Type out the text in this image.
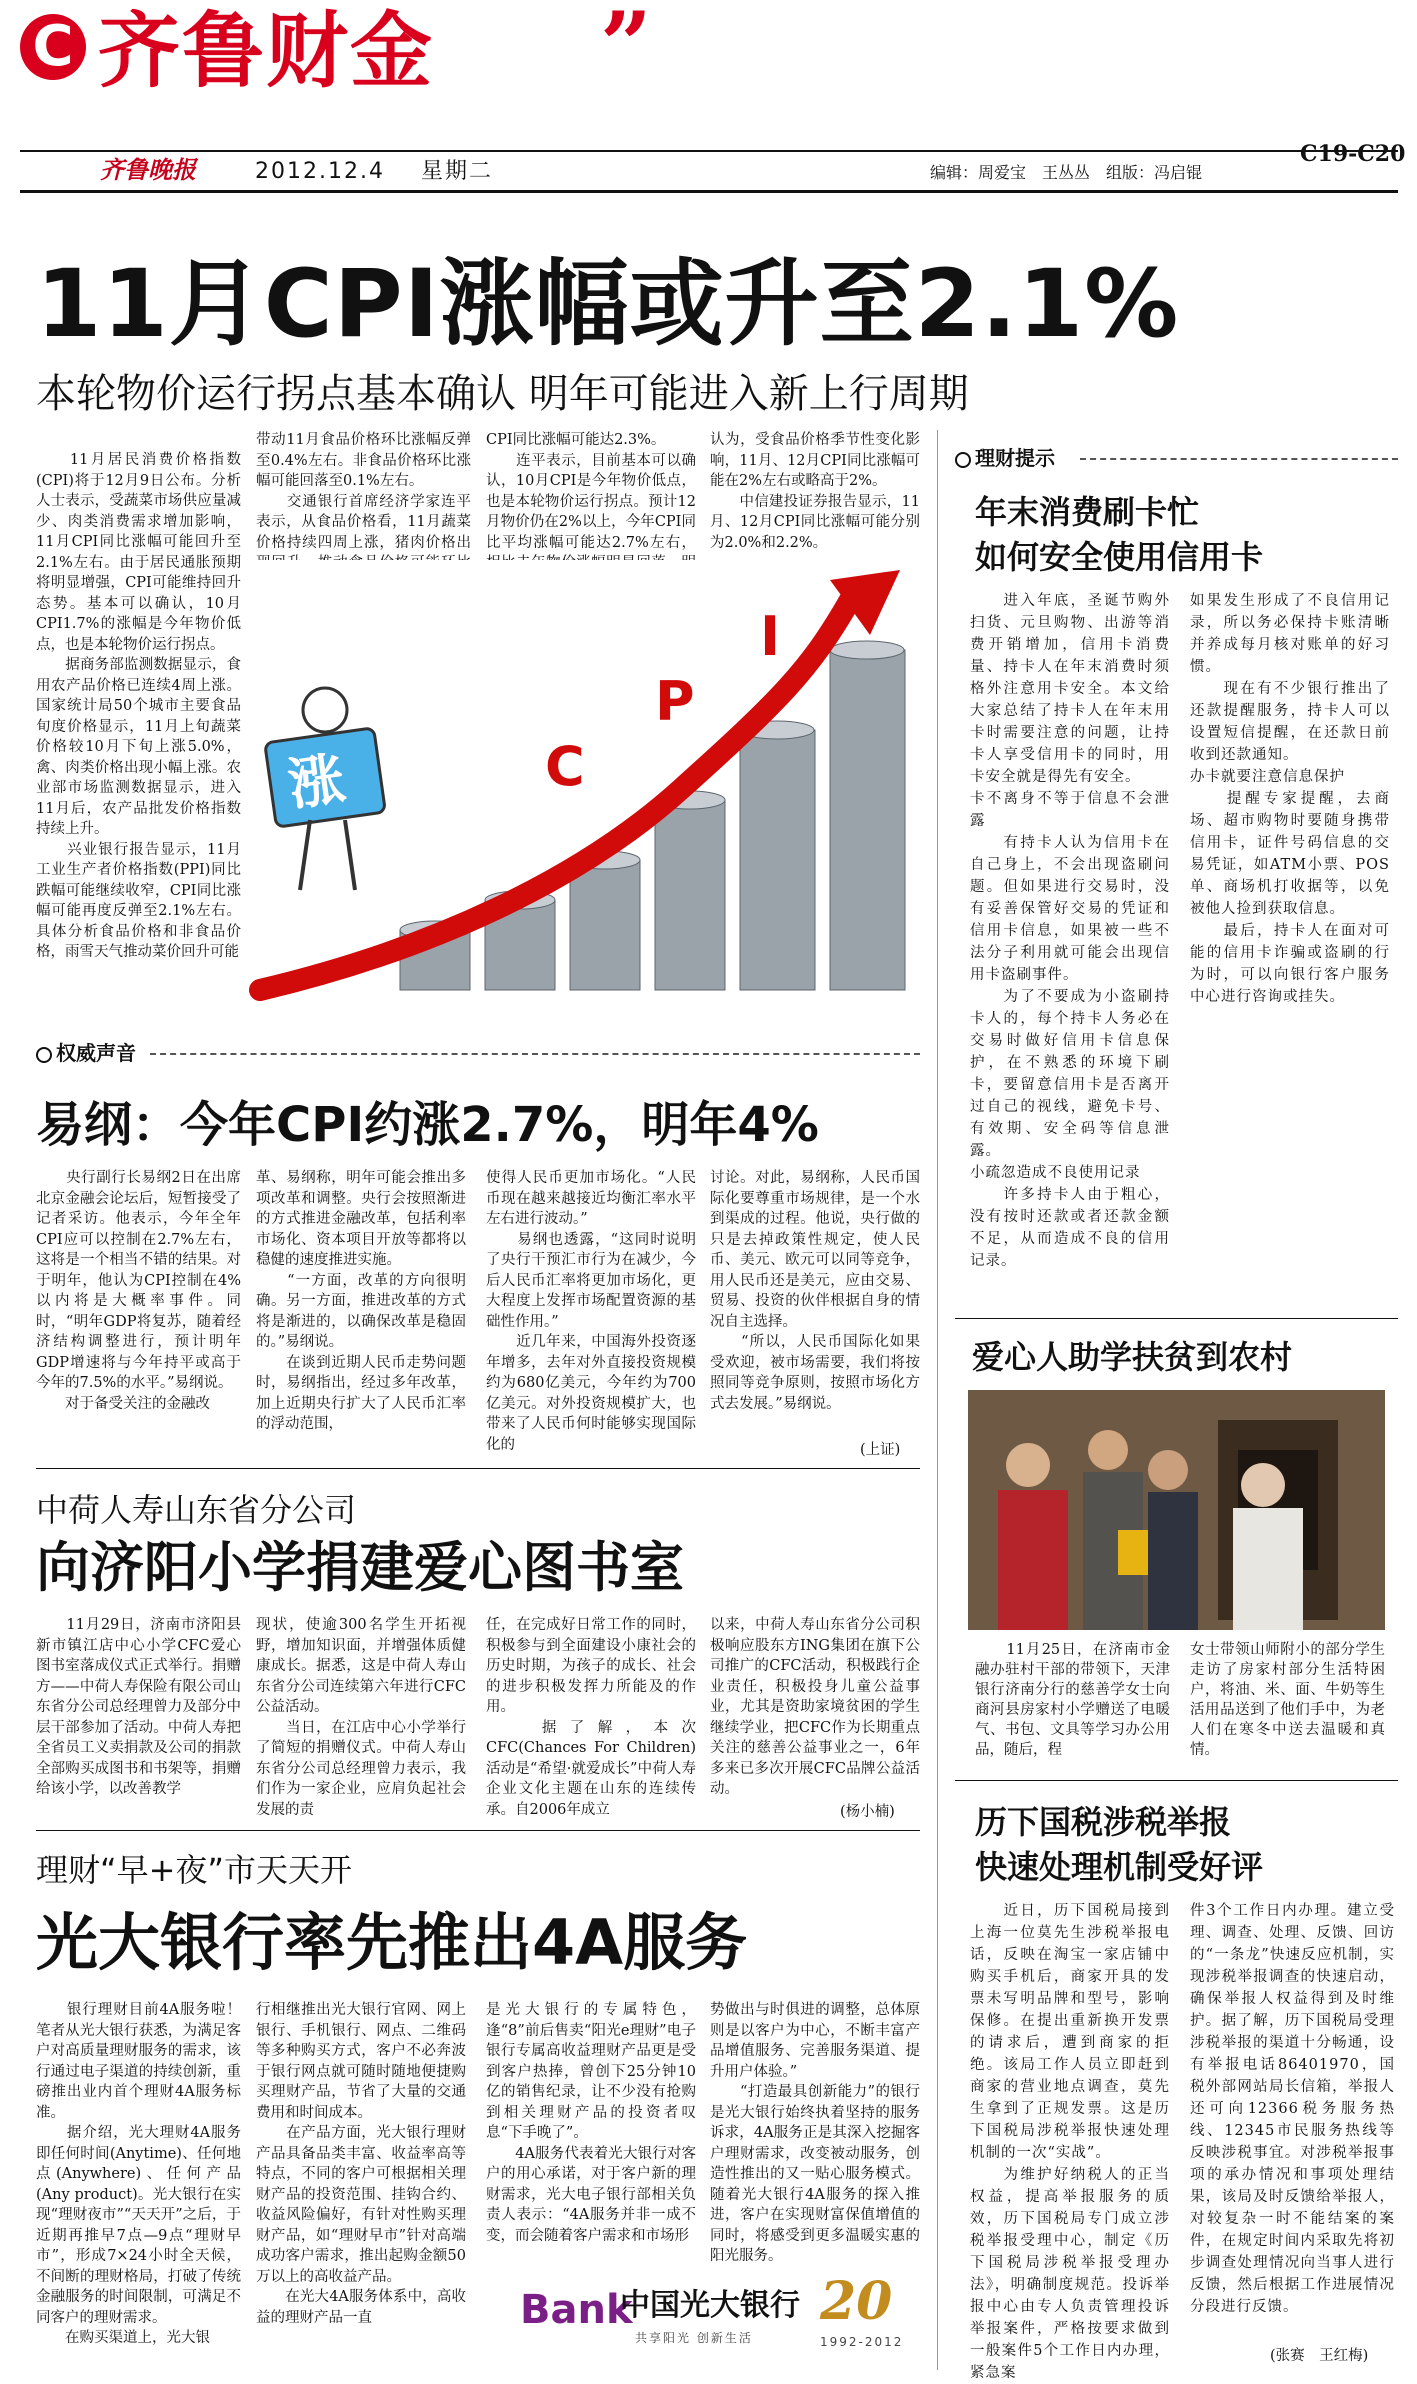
C 齐鲁财金 ”
齐鲁晚报	2012.12.4 星期二	编辑：周爱宝　王丛丛　组版：冯启锟
C19-C20
11月CPI涨幅或升至2.1%
本轮物价运行拐点基本确认 明年可能进入新上行周期
　　11月居民消费价格指数(CPI)将于12月9日公布。分析人士表示，受蔬菜市场供应量减少、肉类消费需求增加影响，11月CPI同比涨幅可能回升至2.1%左右。由于居民通胀预期将明显增强，CPI可能维持回升态势。基本可以确认，10月CPI1.7%的涨幅是今年物价低点，也是本轮物价运行拐点。
　　据商务部监测数据显示，食用农产品价格已连续4周上涨。国家统计局50个城市主要食品旬度价格显示，11月上旬蔬菜价格较10月下旬上涨5.0%，禽、肉类价格出现小幅上涨。农业部市场监测数据显示，进入11月后，农产品批发价格指数持续上升。
　　兴业银行报告显示，11月工业生产者价格指数(PPI)同比跌幅可能继续收窄，CPI同比涨幅可能再度反弹至2.1%左右。具体分析食品价格和非食品价格，雨雪天气推动菜价回升可能
带动11月食品价格环比涨幅反弹至0.4%左右。非食品价格环比涨幅可能回落至0.1%左右。
　　交通银行首席经济学家连平表示，从食品价格看，11月蔬菜价格持续四周上涨，猪肉价格出
CPI同比涨幅可能达2.3%。
　　连平表示，目前基本可以确认，10月CPI是今年物价低点，也是本轮物价运行拐点。预计12月物价仍在2%以上，今年CPI同比平均涨幅可能达2.7%左右，

认为，受食品价格季节性变化影响，11月、12月CPI同比涨幅可能在2%左右或略高于2%。
　　中信建投证券报告显示，11月、12月CPI同比涨幅可能分别为2.0%和2.2%。
涨	C
P
I
权威声音
易纲：今年CPI约涨2.7%，明年4%
　　央行副行长易纲2日在出席北京金融会论坛后，短暂接受了记者采访。他表示，今年全年CPI应可以控制在2.7%左右，这将是一个相当不错的结果。对于明年，他认为CPI控制在4%以内将是大概率事件。同时，“明年GDP将复苏，随着经济结构调整进行，预计明年GDP增速将与今年持平或高于今年的7.5%的水平。”易纲说。
　　对于备受关注的金融改
革、易纲称，明年可能会推出多项改革和调整。央行会按照渐进的方式推进金融改革，包括利率市场化、资本项目开放等都将以稳健的速度推进实施。
　　“一方面，改革的方向很明确。另一方面，推进改革的方式将是渐进的，以确保改革是稳固的。”易纲说。
　　在谈到近期人民币走势问题时，易纲指出，经过多年改革，加上近期央行扩大了人民币汇率的浮动范围，
使得人民币更加市场化。“人民币现在越来越接近均衡汇率水平左右进行波动。”
　　易纲也透露，“这同时说明了央行干预汇市行为在减少，今后人民币汇率将更加市场化，更大程度上发挥市场配置资源的基础性作用。”
　　近几年来，中国海外投资逐年增多，去年对外直接投资规模约为680亿美元，今年约为700亿美元。对外投资规模扩大，也带来了人民币何时能够实现国际化的
讨论。对此，易纲称，人民币国际化要尊重市场规律，是一个水到渠成的过程。他说，央行做的只是去掉政策性规定，使人民币、美元、欧元可以同等竞争，用人民币还是美元，应由交易、贸易、投资的伙伴根据自身的情况自主选择。
　　“所以，人民币国际化如果受欢迎，被市场需要，我们将按照同等竞争原则，按照市场化方式去发展。”易纲说。
(上证)
中荷人寿山东省分公司
向济阳小学捐建爱心图书室
　　11月29日，济南市济阳县新市镇江店中心小学CFC爱心图书室落成仪式正式举行。捐赠方——中荷人寿保险有限公司山东省分公司总经理曾力及部分中层干部参加了活动。中荷人寿把全省员工义卖捐款及公司的捐款全部购买成图书和书架等，捐赠给该小学，以改善教学
现状，使逾300名学生开拓视野，增加知识面，并增强体质健康成长。据悉，这是中荷人寿山东省分公司连续第六年进行CFC公益活动。
　　当日，在江店中心小学举行了简短的捐赠仪式。中荷人寿山东省分公司总经理曾力表示，我们作为一家企业，应肩负起社会发展的责
任，在完成好日常工作的同时，积极参与到全面建设小康社会的历史时期，为孩子的成长、社会的进步积极发挥力所能及的作用。
　　据了解，本次CFC(Chances For Children)活动是“希望·就爱成长”中荷人寿企业文化主题在山东的连续传承。自2006年成立
以来，中荷人寿山东省分公司积极响应股东方ING集团在旗下公司推广的CFC活动，积极践行企业责任，积极投身儿童公益事业，尤其是资助家境贫困的学生继续学业，把CFC作为长期重点关注的慈善公益事业之一，6年多来已多次开展CFC品牌公益活动。
(杨小楠)
理财“早+夜”市天天开
光大银行率先推出4A服务
　　银行理财目前4A服务啦！笔者从光大银行获悉，为满足客户对高质量理财服务的需求，该行通过电子渠道的持续创新，重磅推出业内首个理财4A服务标准。
　　据介绍，光大理财4A服务即任何时间(Anytime)、任何地点(Anywhere)、任何产品(Any product)。光大银行在实现“理财夜市”“天天开”之后，于近期再推早7点—9点“理财早市”，形成7×24小时全天候，不间断的理财格局，打破了传统金融服务的时间限制，可满足不同客户的理财需求。
　　在购买渠道上，光大银
行相继推出光大银行官网、网上银行、手机银行、网点、二维码等多种购买方式，客户不必奔波于银行网点就可随时随地便捷购买理财产品，节省了大量的交通费用和时间成本。
　　在产品方面，光大银行理财产品具备品类丰富、收益率高等特点，不同的客户可根据相关理财产品的投资范围、挂钩合约、收益风险偏好，有针对性购买理财产品，如“理财早市”针对高端成功客户需求，推出起购金额50万以上的高收益产品。
　　在光大4A服务体系中，高收益的理财产品一直
是光大银行的专属特色，逢“8”前后售卖“阳光e理财”电子银行专属高收益理财产品更是受到客户热捧，曾创下25分钟10亿的销售纪录，让不少没有抢购到相关理财产品的投资者叹息“下手晚了”。
　　4A服务代表着光大银行对客户的用心承诺，对于客户新的理财需求，光大电子银行部相关负责人表示：“4A服务并非一成不变，而会随着客户需求和市场形
势做出与时俱进的调整，总体原则是以客户为中心，不断丰富产品增值服务、完善服务渠道、提升用户体验。”
　　“打造最具创新能力”的银行是光大银行始终执着坚持的服务诉求，4A服务正是其深入挖掘客户理财需求，改变被动服务，创造性推出的又一贴心服务模式。随着光大银行4A服务的探入推进，客户在实现财富保值增值的同时，将感受到更多温暖实惠的阳光服务。
Bank
中国光大银行
共享阳光 创新生活
20
1992-2012
理财提示
年末消费刷卡忙
如何安全使用信用卡
　　进入年底，圣诞节购外扫货、元旦购物、出游等消费开销增加，信用卡消费量、持卡人在年末消费时须格外注意用卡安全。本文给大家总结了持卡人在年末用卡时需要注意的问题，让持卡人享受信用卡的同时，用卡安全就是得先有安全。
卡不离身不等于信息不会泄露
　　有持卡人认为信用卡在自己身上，不会出现盗刷问题。但如果进行交易时，没有妥善保管好交易的凭证和信用卡信息，如果被一些不法分子利用就可能会出现信用卡盗刷事件。
　　为了不要成为小盗刷持卡人的，每个持卡人务必在交易时做好信用卡信息保护，在不熟悉的环境下刷卡，要留意信用卡是否离开过自己的视线，避免卡号、有效期、安全码等信息泄露。
小疏忽造成不良使用记录
　　许多持卡人由于粗心，没有按时还款或者还款金额不足，从而造成不良的信用记录。
如果发生形成了不良信用记录，所以务必保持卡账清晰并养成每月核对账单的好习惯。
　　现在有不少银行推出了还款提醒服务，持卡人可以设置短信提醒，在还款日前收到还款通知。
办卡就要注意信息保护
　　提醒专家提醒，去商场、超市购物时要随身携带信用卡，证件号码信息的交易凭证，如ATM小票、POS单、商场机打收据等，以免被他人捡到获取信息。
　　最后，持卡人在面对可能的信用卡诈骗或盗刷的行为时，可以向银行客户服务中心进行咨询或挂失。
爱心人助学扶贫到农村
　　11月25日，在济南市金融办驻村干部的带领下，天津银行济南分行的慈善学女士向商河县房家村小学赠送了电暖气、书包、文具等学习办公用品，随后，程
女士带领山师附小的部分学生走访了房家村部分生活特困户，将油、米、面、牛奶等生活用品送到了他们手中，为老人们在寒冬中送去温暖和真情。
历下国税涉税举报
快速处理机制受好评
　　近日，历下国税局接到上海一位莫先生涉税举报电话，反映在淘宝一家店铺中购买手机后，商家开具的发票未写明品牌和型号，影响保修。在提出重新换开发票的请求后，遭到商家的拒绝。该局工作人员立即赶到商家的营业地点调查，莫先生拿到了正规发票。这是历下国税局涉税举报快速处理机制的一次“实战”。
　　为维护好纳税人的正当权益，提高举报服务的质效，历下国税局专门成立涉税举报受理中心，制定《历下国税局涉税举报受理办法》，明确制度规范。投诉举报中心由专人负责管理投诉举报案件，严格按要求做到一般案件5个工作日内办理，紧急案
件3个工作日内办理。建立受理、调查、处理、反馈、回访的“一条龙”快速反应机制，实现涉税举报调查的快速启动，确保举报人权益得到及时维护。据了解，历下国税局受理涉税举报的渠道十分畅通，设有举报电话86401970，国税外部网站局长信箱，举报人还可向12366税务服务热线、12345市民服务热线等反映涉税事宜。对涉税举报事项的承办情况和事项处理结果，该局及时反馈给举报人，对较复杂一时不能结案的案件，在规定时间内采取先将初步调查处理情况向当事人进行反馈，然后根据工作进展情况分段进行反馈。
(张赛　王红梅)
